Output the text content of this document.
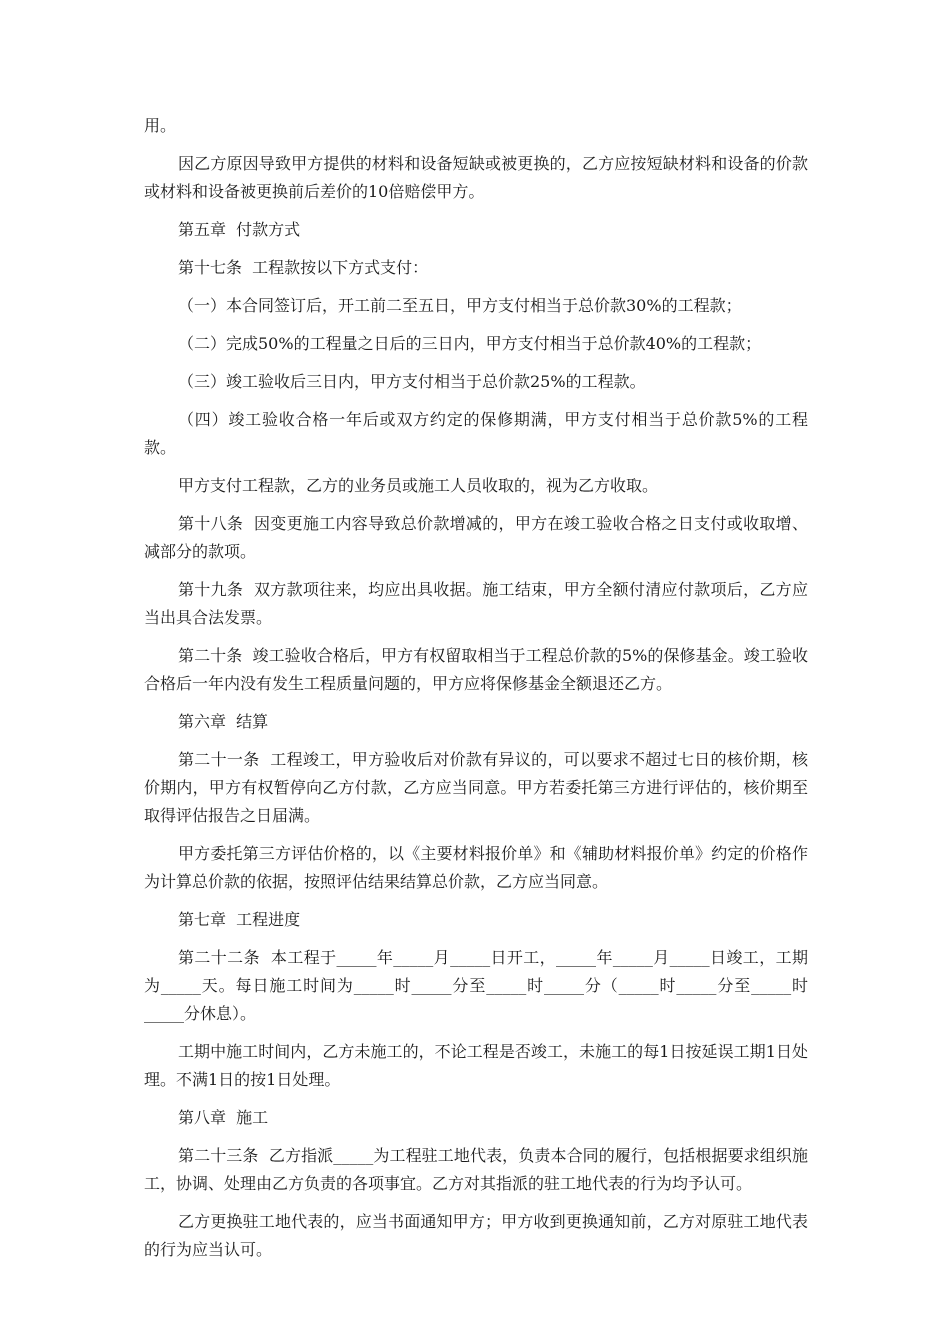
用。

因乙方原因导致甲方提供的材料和设备短缺或被更换的，乙方应按短缺材料和设备的价款或材料和设备被更换前后差价的10倍赔偿甲方。

第五章  付款方式

第十七条  工程款按以下方式支付：

（一）本合同签订后，开工前二至五日，甲方支付相当于总价款30%的工程款；

（二）完成50%的工程量之日后的三日内，甲方支付相当于总价款40%的工程款；

（三）竣工验收后三日内，甲方支付相当于总价款25%的工程款。

（四）竣工验收合格一年后或双方约定的保修期满，甲方支付相当于总价款5%的工程款。

甲方支付工程款，乙方的业务员或施工人员收取的，视为乙方收取。

第十八条  因变更施工内容导致总价款增减的，甲方在竣工验收合格之日支付或收取增、减部分的款项。

第十九条  双方款项往来，均应出具收据。施工结束，甲方全额付清应付款项后，乙方应当出具合法发票。

第二十条  竣工验收合格后，甲方有权留取相当于工程总价款的5%的保修基金。竣工验收合格后一年内没有发生工程质量问题的，甲方应将保修基金全额退还乙方。

第六章  结算

第二十一条  工程竣工，甲方验收后对价款有异议的，可以要求不超过七日的核价期，核价期内，甲方有权暂停向乙方付款，乙方应当同意。甲方若委托第三方进行评估的，核价期至取得评估报告之日届满。

甲方委托第三方评估价格的，以《主要材料报价单》和《辅助材料报价单》约定的价格作为计算总价款的依据，按照评估结果结算总价款，乙方应当同意。

第七章  工程进度

第二十二条  本工程于_____年_____月_____日开工，_____年_____月_____日竣工，工期为_____天。每日施工时间为_____时_____分至_____时_____分（_____时_____分至_____时_____分休息）。

工期中施工时间内，乙方未施工的，不论工程是否竣工，未施工的每1日按延误工期1日处理。不满1日的按1日处理。

第八章  施工

第二十三条  乙方指派_____为工程驻工地代表，负责本合同的履行，包括根据要求组织施工，协调、处理由乙方负责的各项事宜。乙方对其指派的驻工地代表的行为均予认可。

乙方更换驻工地代表的，应当书面通知甲方；甲方收到更换通知前，乙方对原驻工地代表的行为应当认可。
